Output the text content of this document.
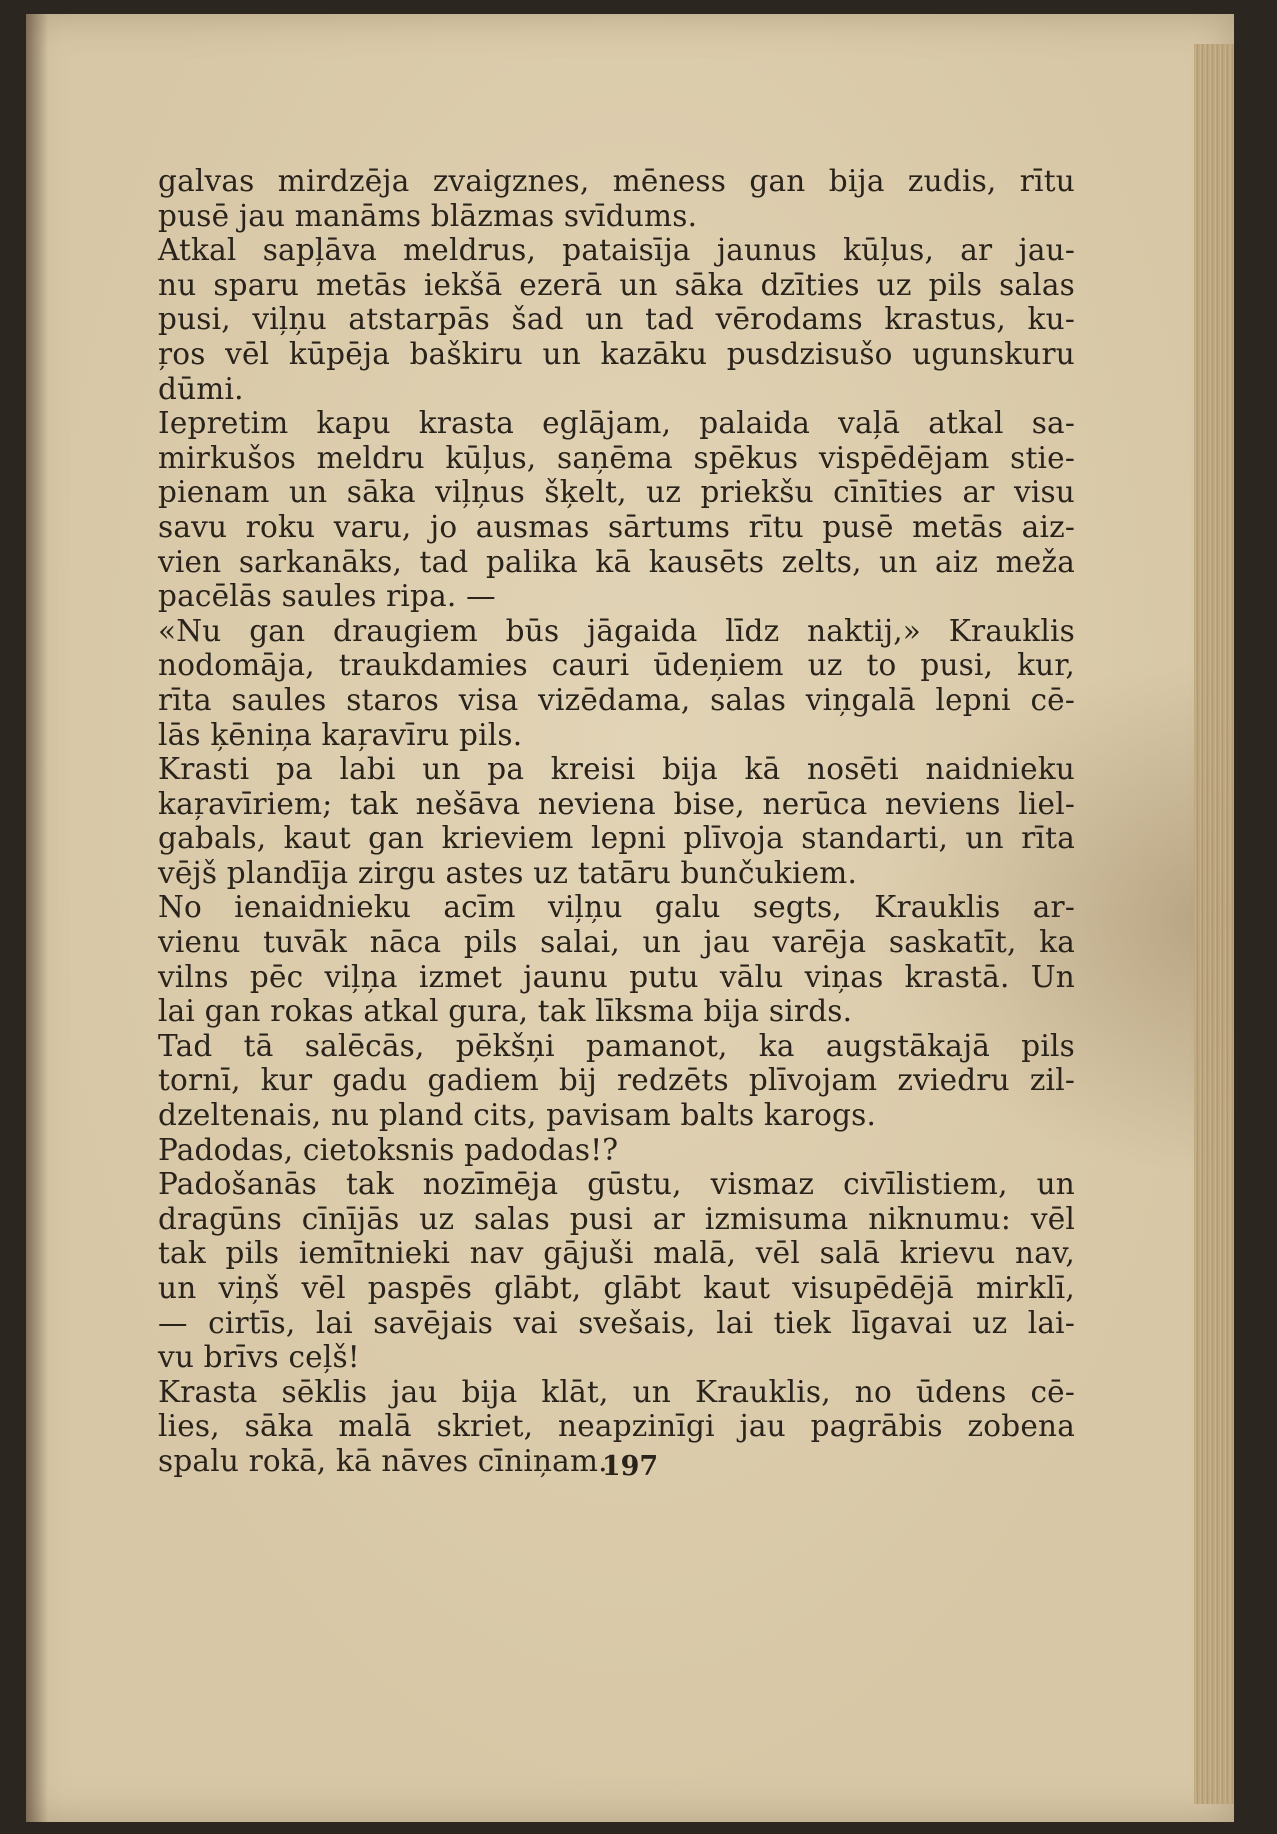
galvas mirdzēja zvaigznes, mēness gan bija zudis, rītu
pusē jau manāms blāzmas svīdums.
Atkal sapļāva meldrus, pataisīja jaunus kūļus, ar jau-
nu sparu metās iekšā ezerā un sāka dzīties uz pils salas
pusi, viļņu atstarpās šad un tad vērodams krastus, ku-
ŗos vēl kūpēja baškiru un kazāku pusdzisušo ugunskuru
dūmi.
Iepretim kapu krasta eglājam, palaida vaļā atkal sa-
mirkušos meldru kūļus, saņēma spēkus vispēdējam stie-
pienam un sāka viļņus šķelt, uz priekšu cīnīties ar visu
savu roku varu, jo ausmas sārtums rītu pusē metās aiz-
vien sarkanāks, tad palika kā kausēts zelts, un aiz meža
pacēlās saules ripa. —
«Nu gan draugiem būs jāgaida līdz naktij,» Krauklis
nodomāja, traukdamies cauri ūdeņiem uz to pusi, kur,
rīta saules staros visa vizēdama, salas viņgalā lepni cē-
lās ķēniņa kaŗavīru pils.
Krasti pa labi un pa kreisi bija kā nosēti naidnieku
kaŗavīriem; tak nešāva neviena bise, nerūca neviens liel-
gabals, kaut gan krieviem lepni plīvoja standarti, un rīta
vējš plandīja zirgu astes uz tatāru bunčukiem.
No ienaidnieku acīm viļņu galu segts, Krauklis ar-
vienu tuvāk nāca pils salai, un jau varēja saskatīt, ka
vilns pēc viļņa izmet jaunu putu vālu viņas krastā. Un
lai gan rokas atkal gura, tak līksma bija sirds.
Tad tā salēcās, pēkšņi pamanot, ka augstākajā pils
tornī, kur gadu gadiem bij redzēts plīvojam zviedru zil-
dzeltenais, nu pland cits, pavisam balts karogs.
Padodas, cietoksnis padodas!?
Padošanās tak nozīmēja gūstu, vismaz civīlistiem, un
dragūns cīnījās uz salas pusi ar izmisuma niknumu: vēl
tak pils iemītnieki nav gājuši malā, vēl salā krievu nav,
un viņš vēl paspēs glābt, glābt kaut visupēdējā mirklī,
— cirtīs, lai savējais vai svešais, lai tiek līgavai uz lai-
vu brīvs ceļš!
Krasta sēklis jau bija klāt, un Krauklis, no ūdens cē-
lies, sāka malā skriet, neapzinīgi jau pagrābis zobena
spalu rokā, kā nāves cīniņam.
197
